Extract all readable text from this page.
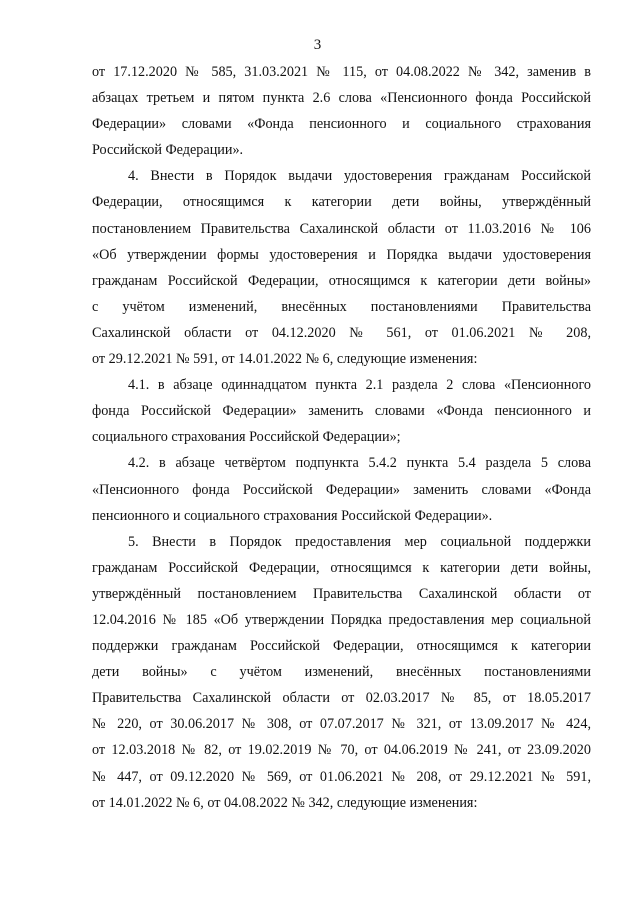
3

от 17.12.2020 № 585, 31.03.2021 № 115, от 04.08.2022 № 342, заменив в
абзацах третьем и пятом пункта 2.6 слова «Пенсионного фонда Российской
Федерации» словами «Фонда пенсионного и социального страхования
Российской Федерации».

4. Внести в Порядок выдачи удостоверения гражданам Российской
Федерации, относящимся к категории дети войны, утверждённый
постановлением Правительства Сахалинской области от 11.03.2016 № 106
«Об утверждении формы удостоверения и Порядка выдачи удостоверения
гражданам Российской Федерации, относящимся к категории дети войны»
с учётом изменений, внесённых постановлениями Правительства
Сахалинской области от 04.12.2020 № 561, от 01.06.2021 № 208,
от 29.12.2021 № 591, от 14.01.2022 № 6, следующие изменения:

4.1. в абзаце одиннадцатом пункта 2.1 раздела 2 слова «Пенсионного
фонда Российской Федерации» заменить словами «Фонда пенсионного и
социального страхования Российской Федерации»;

4.2. в абзаце четвёртом подпункта 5.4.2 пункта 5.4 раздела 5 слова
«Пенсионного фонда Российской Федерации» заменить словами «Фонда
пенсионного и социального страхования Российской Федерации».

5. Внести в Порядок предоставления мер социальной поддержки
гражданам Российской Федерации, относящимся к категории дети войны,
утверждённый постановлением Правительства Сахалинской области от
12.04.2016 № 185 «Об утверждении Порядка предоставления мер социальной
поддержки гражданам Российской Федерации, относящимся к категории
дети войны» с учётом изменений, внесённых постановлениями
Правительства Сахалинской области от 02.03.2017 № 85, от 18.05.2017
№ 220, от 30.06.2017 № 308, от 07.07.2017 № 321, от 13.09.2017 № 424,
от 12.03.2018 № 82, от 19.02.2019 № 70, от 04.06.2019 № 241, от 23.09.2020
№ 447, от 09.12.2020 № 569, от 01.06.2021 № 208, от 29.12.2021 № 591,
от 14.01.2022 № 6, от 04.08.2022 № 342, следующие изменения:
